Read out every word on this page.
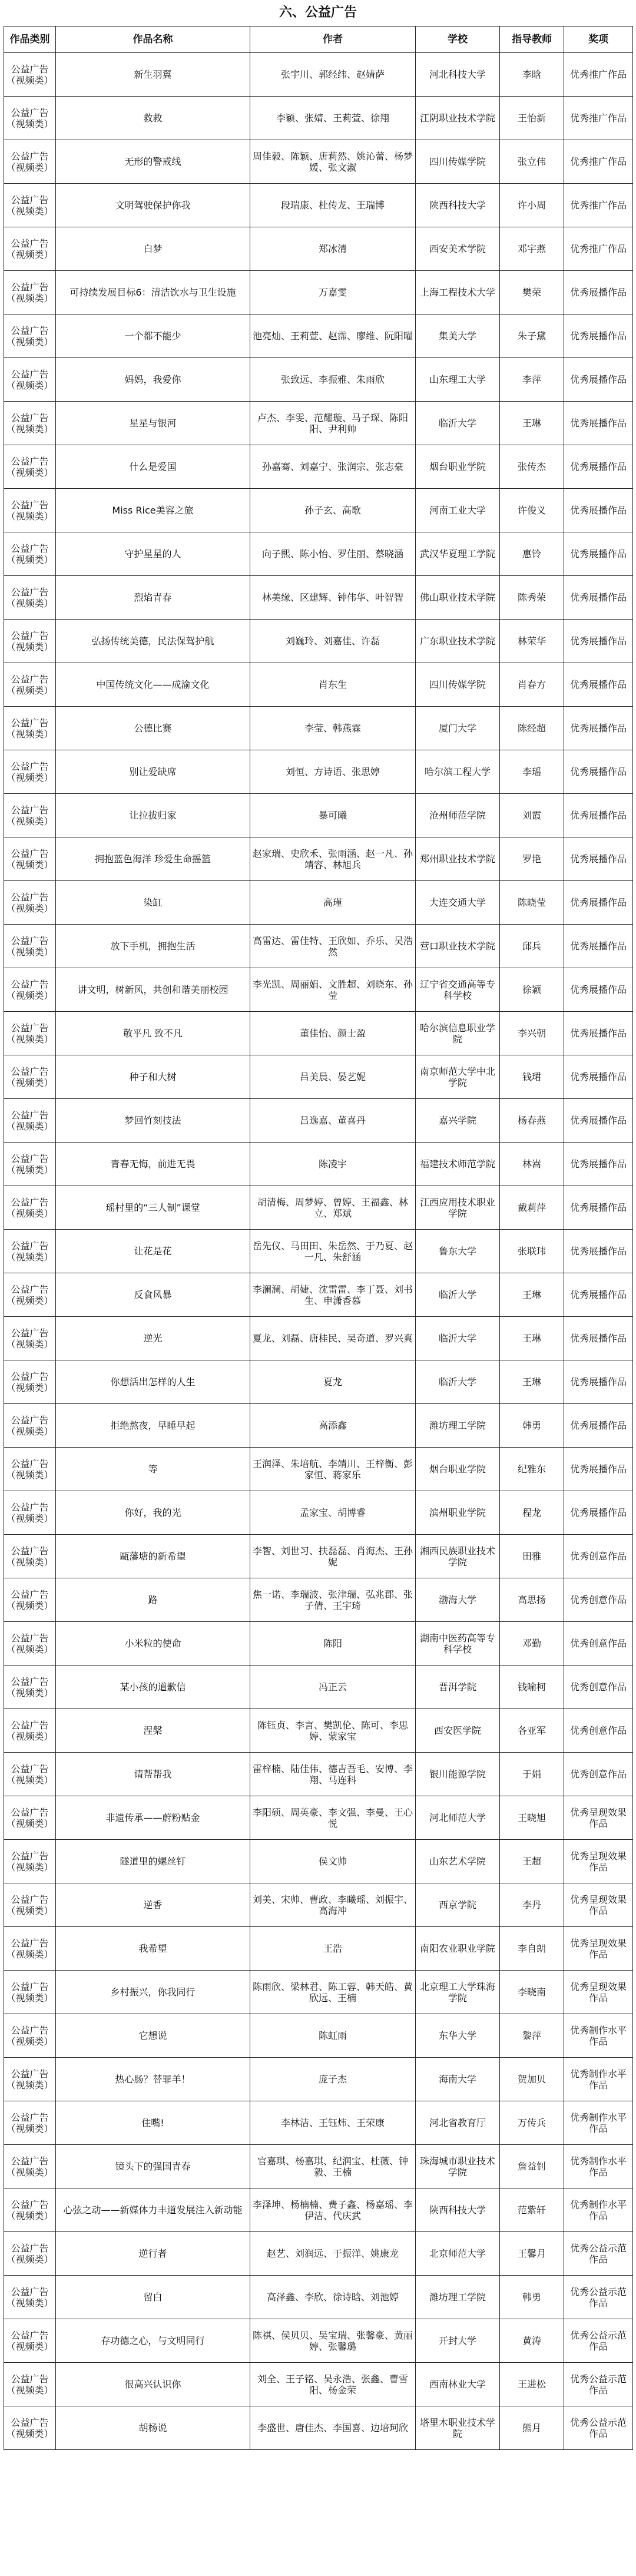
六、公益广告
作品类别	作品名称	作者	学校	指导教师	奖项
公益广告（视频类）	新生羽翼	张宇川、郭经纬、赵婧萨	河北科技大学	李晗	优秀推广作品
公益广告（视频类）	救救	李颖、张婧、王莉萱、徐翔	江阴职业技术学院	王怡新	优秀推广作品
公益广告（视频类）	无形的警戒线	周佳毅、陈颖、唐莉然、姚沁蕾、杨梦媛、张文淑	四川传媒学院	张立伟	优秀推广作品
公益广告（视频类）	文明驾驶保护你我	段瑞康、杜传龙、王瑞博	陕西科技大学	许小周	优秀推广作品
公益广告（视频类）	白梦	郑冰清	西安美术学院	邓宇燕	优秀推广作品
公益广告（视频类）	可持续发展目标6：清洁饮水与卫生设施	万嘉雯	上海工程技术大学	樊荣	优秀展播作品
公益广告（视频类）	一个都不能少	池亮灿、王莉萱、赵霈、廖维、阮阳曜	集美大学	朱子黛	优秀展播作品
公益广告（视频类）	妈妈，我爱你	张致远、李振雅、朱雨欣	山东理工大学	李萍	优秀展播作品
公益广告（视频类）	星星与银河	卢杰、李雯、范耀璇、马子琛、陈阳阳、尹利帅	临沂大学	王琳	优秀展播作品
公益广告（视频类）	什么是爱国	孙嘉骞、刘嘉宁、张润宗、张志豪	烟台职业学院	张传杰	优秀展播作品
公益广告（视频类）	Miss Rice美容之旅	孙子玄、高歌	河南工业大学	许俊义	优秀展播作品
公益广告（视频类）	守护星星的人	向子熙、陈小怡、罗佳丽、蔡晓涵	武汉华夏理工学院	惠铃	优秀展播作品
公益广告（视频类）	烈焰青春	林美缘、区建辉、钟伟华、叶智智	佛山职业技术学院	陈秀荣	优秀展播作品
公益广告（视频类）	弘扬传统美德，民法保驾护航	刘巍玲、刘嘉佳、许磊	广东职业技术学院	林荣华	优秀展播作品
公益广告（视频类）	中国传统文化——成渝文化	肖东生	四川传媒学院	肖春方	优秀展播作品
公益广告（视频类）	公德比赛	李莹、韩燕霖	厦门大学	陈经超	优秀展播作品
公益广告（视频类）	别让爱缺席	刘恒、方诗语、张思婷	哈尔滨工程大学	李瑶	优秀展播作品
公益广告（视频类）	让拉拔归家	暴可曦	沧州师范学院	刘霞	优秀展播作品
公益广告（视频类）	拥抱蓝色海洋 珍爱生命摇篮	赵家瑞、史欣禾、张雨涵、赵一凡、孙靖容、林旭兵	郑州职业技术学院	罗艳	优秀展播作品
公益广告（视频类）	染缸	高瑾	大连交通大学	陈晓莹	优秀展播作品
公益广告（视频类）	放下手机，拥抱生活	高雷达、雷佳特、王欣如、乔乐、吴浩然	营口职业技术学院	邱兵	优秀展播作品
公益广告（视频类）	讲文明，树新风，共创和谐美丽校园	李光凯、周丽娟、文胜超、刘晓东、孙莹	辽宁省交通高等专科学校	徐颖	优秀展播作品
公益广告（视频类）	敬平凡 致不凡	董佳怡、颜士盈	哈尔滨信息职业学院	李兴朝	优秀展播作品
公益广告（视频类）	种子和大树	吕美晨、晏艺妮	南京师范大学中北学院	钱珺	优秀展播作品
公益广告（视频类）	梦回竹刻技法	吕逸嘉、董喜丹	嘉兴学院	杨春燕	优秀展播作品
公益广告（视频类）	青春无悔，前进无畏	陈凌宇	福建技术师范学院	林嵩	优秀展播作品
公益广告（视频类）	瑶村里的“三人制”课堂	胡清梅、周梦婷、曾婷、王福鑫、林立、郑斌	江西应用技术职业学院	戴莉萍	优秀展播作品
公益广告（视频类）	让花是花	岳先仪、马田田、朱岳然、于乃夏、赵一凡、朱舒涵	鲁东大学	张联玮	优秀展播作品
公益广告（视频类）	反食风暴	李澜澜、胡婕、沈雷雷、李丁聂、刘书生、申潇香慕	临沂大学	王琳	优秀展播作品
公益广告（视频类）	逆光	夏龙、刘磊、唐桂民、吴奇道、罗兴爽	临沂大学	王琳	优秀展播作品
公益广告（视频类）	你想活出怎样的人生	夏龙	临沂大学	王琳	优秀展播作品
公益广告（视频类）	拒绝熬夜，早睡早起	高添鑫	潍坊理工学院	韩勇	优秀展播作品
公益广告（视频类）	等	王润泽、朱培航、李靖川、王梓衡、彭家恒、蒋家乐	烟台职业学院	纪雅东	优秀展播作品
公益广告（视频类）	你好，我的光	孟家宝、胡博睿	滨州职业学院	程龙	优秀展播作品
公益广告（视频类）	甌藩塘的新希望	李智、刘世习、扶磊磊、肖海杰、王孙妮	湘西民族职业技术学院	田雅	优秀创意作品
公益广告（视频类）	路	焦一诺、李瑞波、张津瑞、弘兆郡、张子倩、王宇琦	渤海大学	高思扬	优秀创意作品
公益广告（视频类）	小米粒的使命	陈阳	湖南中医药高等专科学校	邓勤	优秀创意作品
公益广告（视频类）	某小孩的道歉信	冯正云	晋洱学院	钱喻柯	优秀创意作品
公益广告（视频类）	涅槃	陈钰贞、李言、樊凯伦、陈可、李思婷、蒙家宝	西安医学院	各亚军	优秀创意作品
公益广告（视频类）	请帮帮我	雷梓楠、陆佳伟、德吉吾毛、安博、李翔、马连科	银川能源学院	于娟	优秀创意作品
公益广告（视频类）	非遗传承——蔚粉贴金	李阳硕、周英豪、李文强、李曼、王心悦	河北师范大学	王晓旭	优秀呈现效果作品
公益广告（视频类）	隧道里的螺丝钉	侯文帅	山东艺术学院	王超	优秀呈现效果作品
公益广告（视频类）	逆香	刘美、宋帅、曹政、李曦瑶、刘振宇、高海冲	西京学院	李丹	优秀呈现效果作品
公益广告（视频类）	我希望	王浩	南阳农业职业学院	李自朗	优秀呈现效果作品
公益广告（视频类）	乡村振兴，你我同行	陈雨欣、梁林君、陈工蓉、韩天皓、黄欣远、王楠	北京理工大学珠海学院	李晓南	优秀呈现效果作品
公益广告（视频类）	它想说	陈虹雨	东华大学	黎萍	优秀制作水平作品
公益广告（视频类）	热心肠？替罪羊！	庞子杰	海南大学	贺加贝	优秀制作水平作品
公益广告（视频类）	住嘴!	李林洁、王钰炜、王荣康	河北省教育厅	万传兵	优秀制作水平作品
公益广告（视频类）	镜头下的强国青春	官嘉琪、杨嘉琪、纪润宝、杜薇、钟毅、王楠	珠海城市职业技术学院	詹益钊	优秀制作水平作品
公益广告（视频类）	心弦之动——新媒体力丰道发展注入新动能	李泽坤、杨楠楠、费子鑫、杨嘉瑶、李伊洁、代庆武	陕西科技大学	范紫轩	优秀制作水平作品
公益广告（视频类）	逆行者	赵艺、刘润远、于振洋、姚康龙	北京师范大学	王馨月	优秀公益示范作品
公益广告（视频类）	留白	高泽鑫、李欣、徐诗晗、刘池婷	潍坊理工学院	韩勇	优秀公益示范作品
公益广告（视频类）	存功德之心，与文明同行	陈祺、侯贝贝、吴宝瑞、张馨豪、黄丽婷、张馨璐	开封大学	黄涛	优秀公益示范作品
公益广告（视频类）	很高兴认识你	刘全、王子铭、吴永浩、张鑫、曹雪阳、杨金荣	西南林业大学	王进松	优秀公益示范作品
公益广告（视频类）	胡杨说	李盛世、唐佳杰、李国喜、边培珂欣	塔里木职业技术学院	熊月	优秀公益示范作品
